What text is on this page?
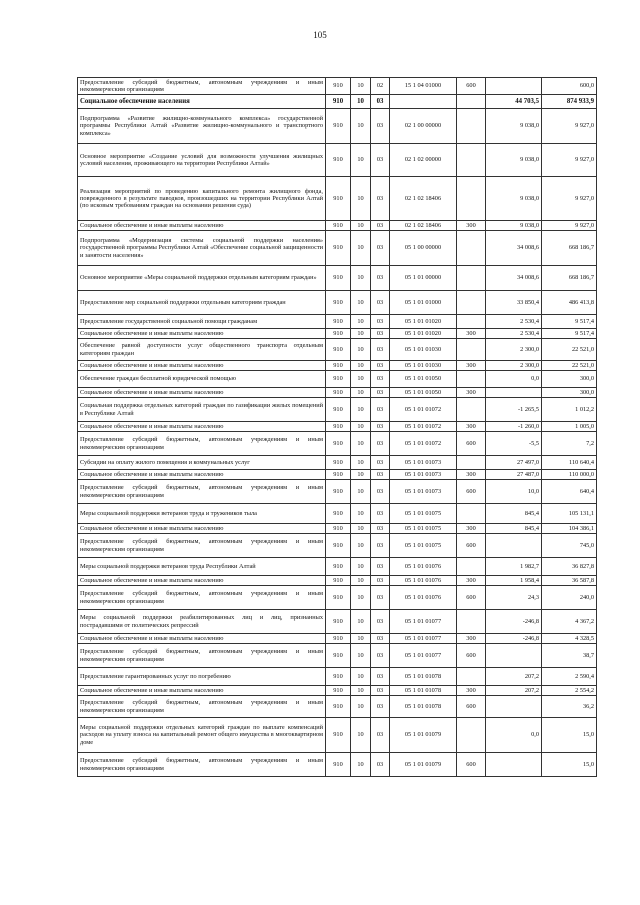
105
Предоставление субсидий бюджетным, автономным учреждениям и иным некоммерческим организациям	910	10	02	15 1 04 01000	600		600,0
Социальное обеспечение населения	910	10	03			44 703,5	874 933,9
Подпрограмма «Развитие жилищно-коммунального комплекса» государственной программы Республики Алтай «Развитие жилищно-коммунального и транспортного комплекса»	910	10	03	02 1 00 00000		9 038,0	9 927,0
Основное мероприятие «Создание условий для возможности улучшения жилищных условий населения, проживающего на территории Республики Алтай»	910	10	03	02 1 02 00000		9 038,0	9 927,0
Реализация мероприятий по проведению капитального ремонта жилищного фонда, поврежденного в результате паводков, произошедших на территории Республики Алтай (по исковым требованиям граждан на основании решения суда)	910	10	03	02 1 02 18406		9 038,0	9 927,0
Социальное обеспечение и иные выплаты населению	910	10	03	02 1 02 18406	300	9 038,0	9 927,0
Подпрограмма «Модернизация системы социальной поддержки населения» государственной программы Республики Алтай «Обеспечение социальной защищенности и занятости населения»	910	10	03	05 1 00 00000		34 008,6	668 186,7
Основное мероприятие «Меры социальной поддержки отдельным категориям граждан»	910	10	03	05 1 01 00000		34 008,6	668 186,7
Предоставление мер социальной поддержки отдельным категориям граждан	910	10	03	05 1 01 01000		33 850,4	486 413,8
Предоставление государственной социальной помощи гражданам	910	10	03	05 1 01 01020		2 530,4	9 517,4
Социальное обеспечение и иные выплаты населению	910	10	03	05 1 01 01020	300	2 530,4	9 517,4
Обеспечение равной доступности услуг общественного транспорта отдельным категориям граждан	910	10	03	05 1 01 01030		2 300,0	22 521,0
Социальное обеспечение и иные выплаты населению	910	10	03	05 1 01 01030	300	2 300,0	22 521,0
Обеспечение граждан бесплатной юридической помощью	910	10	03	05 1 01 01050		0,0	300,0
Социальное обеспечение и иные выплаты населению	910	10	03	05 1 01 01050	300		300,0
Социальная поддержка отдельных категорий граждан по газификации жилых помещений в Республике Алтай	910	10	03	05 1 01 01072		-1 265,5	1 012,2
Социальное обеспечение и иные выплаты населению	910	10	03	05 1 01 01072	300	-1 260,0	1 005,0
Предоставление субсидий бюджетным, автономным учреждениям и иным некоммерческим организациям	910	10	03	05 1 01 01072	600	-5,5	7,2
Субсидии на оплату жилого помещения и коммунальных услуг	910	10	03	05 1 01 01073		27 497,0	110 640,4
Социальное обеспечение и иные выплаты населению	910	10	03	05 1 01 01073	300	27 487,0	110 000,0
Предоставление субсидий бюджетным, автономным учреждениям и иным некоммерческим организациям	910	10	03	05 1 01 01073	600	10,0	640,4
Меры социальной поддержки ветеранов труда и тружеников тыла	910	10	03	05 1 01 01075		845,4	105 131,1
Социальное обеспечение и иные выплаты населению	910	10	03	05 1 01 01075	300	845,4	104 386,1
Предоставление субсидий бюджетным, автономным учреждениям и иным некоммерческим организациям	910	10	03	05 1 01 01075	600		745,0
Меры социальной поддержки ветеранов труда Республики Алтай	910	10	03	05 1 01 01076		1 982,7	36 827,8
Социальное обеспечение и иные выплаты населению	910	10	03	05 1 01 01076	300	1 958,4	36 587,8
Предоставление субсидий бюджетным, автономным учреждениям и иным некоммерческим организациям	910	10	03	05 1 01 01076	600	24,3	240,0
Меры социальной поддержки реабилитированных лиц и лиц, признанных пострадавшими от политических репрессий	910	10	03	05 1 01 01077		-246,8	4 367,2
Социальное обеспечение и иные выплаты населению	910	10	03	05 1 01 01077	300	-246,8	4 328,5
Предоставление субсидий бюджетным, автономным учреждениям и иным некоммерческим организациям	910	10	03	05 1 01 01077	600		38,7
Предоставление гарантированных услуг по погребению	910	10	03	05 1 01 01078		207,2	2 590,4
Социальное обеспечение и иные выплаты населению	910	10	03	05 1 01 01078	300	207,2	2 554,2
Предоставление субсидий бюджетным, автономным учреждениям и иным некоммерческим организациям	910	10	03	05 1 01 01078	600		36,2
Меры социальной поддержки отдельных категорий граждан по выплате компенсаций расходов на уплату взноса на капитальный ремонт общего имущества в многоквартирном доме	910	10	03	05 1 01 01079		0,0	15,0
Предоставление субсидий бюджетным, автономным учреждениям и иным некоммерческим организациям	910	10	03	05 1 01 01079	600		15,0
